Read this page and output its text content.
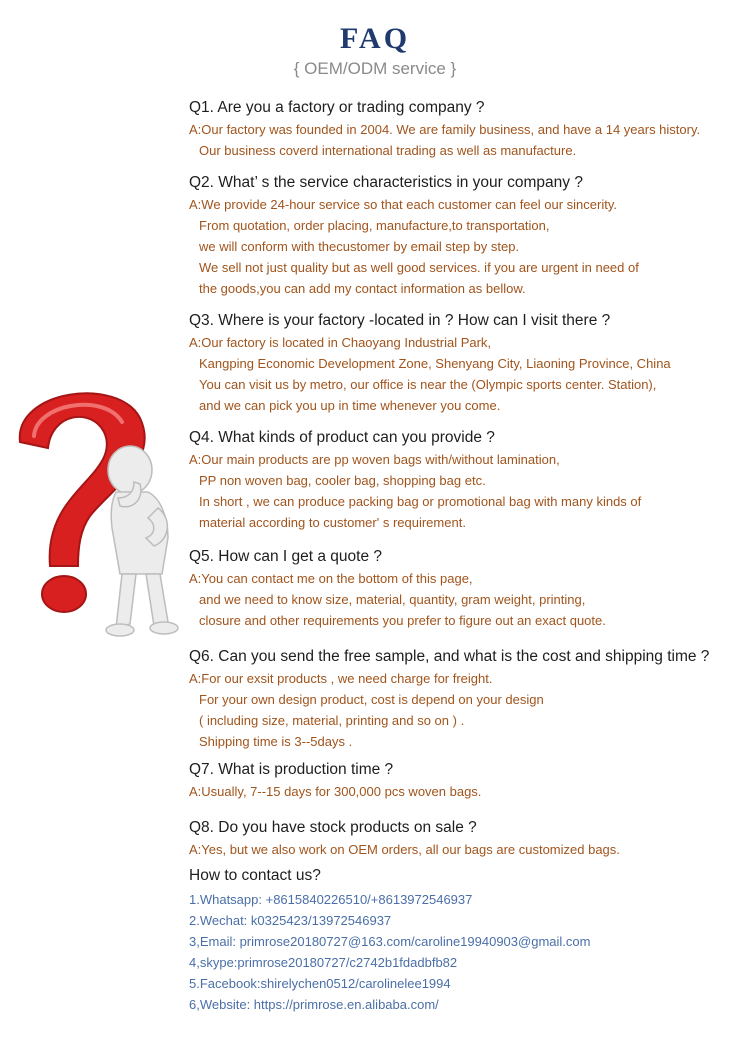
FAQ
{ OEM/ODM service }
Q1. Are you a factory or trading company ?
A:Our factory was founded in 2004. We are family business, and have a 14 years history.
Our business coverd international trading as well as manufacture.
Q2. What’ s the service characteristics in your company ?
A:We provide 24-hour service so that each customer can feel our sincerity.
From quotation, order placing, manufacture,to transportation,
we will conform with thecustomer by email step by step.
We sell not just quality but as well good services. if you are urgent in need of
the goods,you can add my contact information as bellow.
Q3. Where is your factory -located in ? How can I visit there ?
A:Our factory is located in Chaoyang Industrial Park,
Kangping Economic Development Zone, Shenyang City, Liaoning Province, China
You can visit us by metro, our office is near the (Olympic sports center. Station),
and we can pick you up in time whenever you come.
Q4. What kinds of product can you provide ?
A:Our main products are pp woven bags with/without lamination,
PP non woven bag, cooler bag, shopping bag etc.
In short , we can produce packing bag or promotional bag with many kinds of
material according to customer' s requirement.
Q5. How can I get a quote ?
A:You can contact me on the bottom of this page,
and we need to know size, material, quantity, gram weight, printing,
closure and other requirements you prefer to figure out an exact quote.
Q6. Can you send the free sample, and what is the cost and shipping time ?
A:For our exsit products , we need charge for freight.
For your own design product, cost is depend on your design
( including size, material, printing and so on ) .
Shipping time is 3--5days .
Q7. What is production time ?
A:Usually, 7--15 days for 300,000 pcs woven bags.
Q8. Do you have stock products on sale ?
A:Yes, but we also work on OEM orders, all our bags are customized bags.
How to contact us?
1.Whatsapp: +8615840226510/+8613972546937
2.Wechat: k0325423/13972546937
3,Email: primrose20180727@163.com/caroline19940903@gmail.com
4,skype:primrose20180727/c2742b1fdadbfb82
5.Facebook:shirelychen0512/carolinelee1994
6,Website: https://primrose.en.alibaba.com/
